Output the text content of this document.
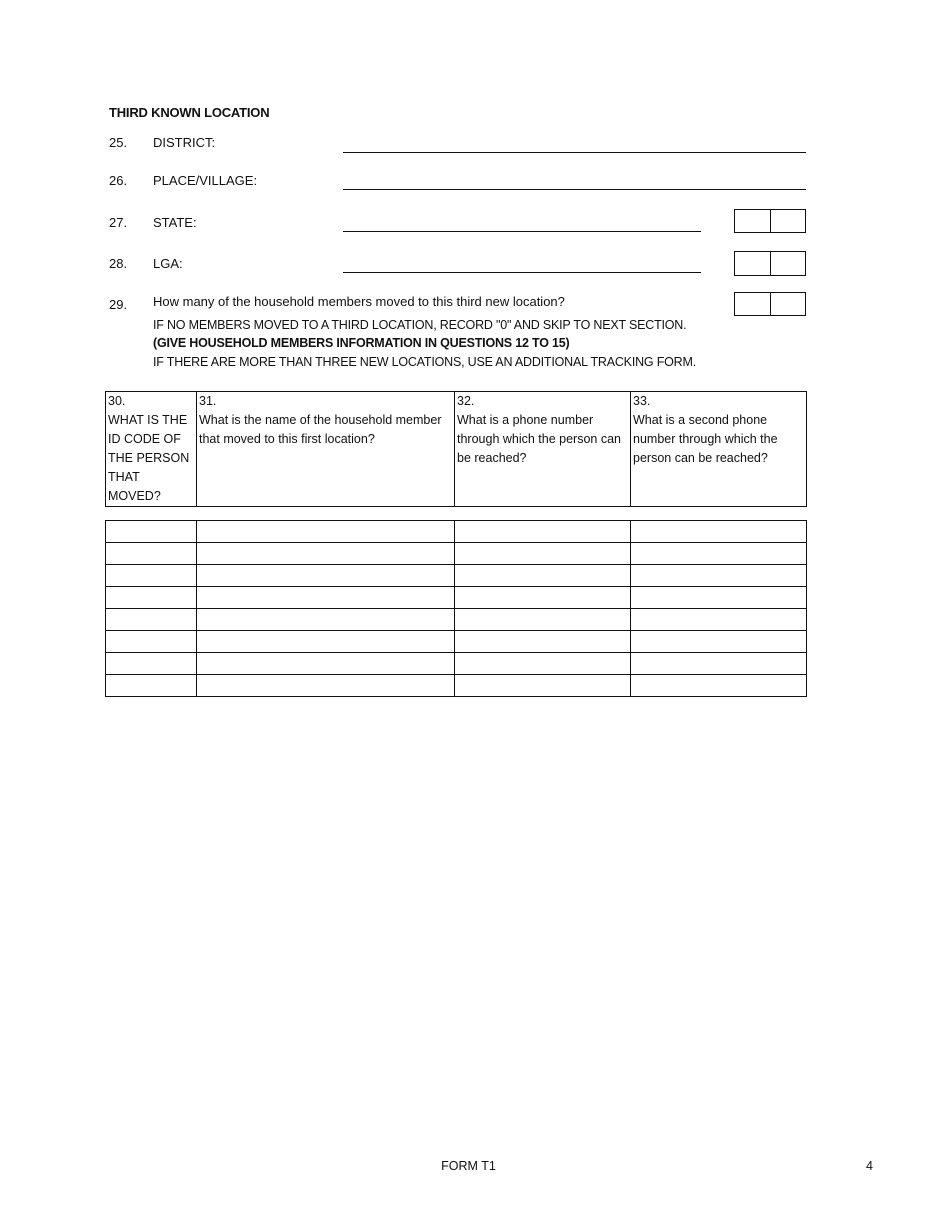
THIRD KNOWN LOCATION
25. DISTRICT:
26. PLACE/VILLAGE:
27. STATE:
28. LGA:
29. How many of the household members moved to this third new location?
IF NO MEMBERS MOVED TO A THIRD LOCATION, RECORD "0" AND SKIP TO NEXT SECTION.
(GIVE HOUSEHOLD MEMBERS INFORMATION IN QUESTIONS 12 TO 15)
IF THERE ARE MORE THAN THREE NEW LOCATIONS, USE AN ADDITIONAL TRACKING FORM.
30.	31.	32.	33.
WHAT IS THE ID CODE OF THE PERSON THAT MOVED?	What is the name of the household member that moved to this first location?	What is a phone number through which the person can be reached?	What is a second phone number through which the person can be reached?

FORM T1	4
